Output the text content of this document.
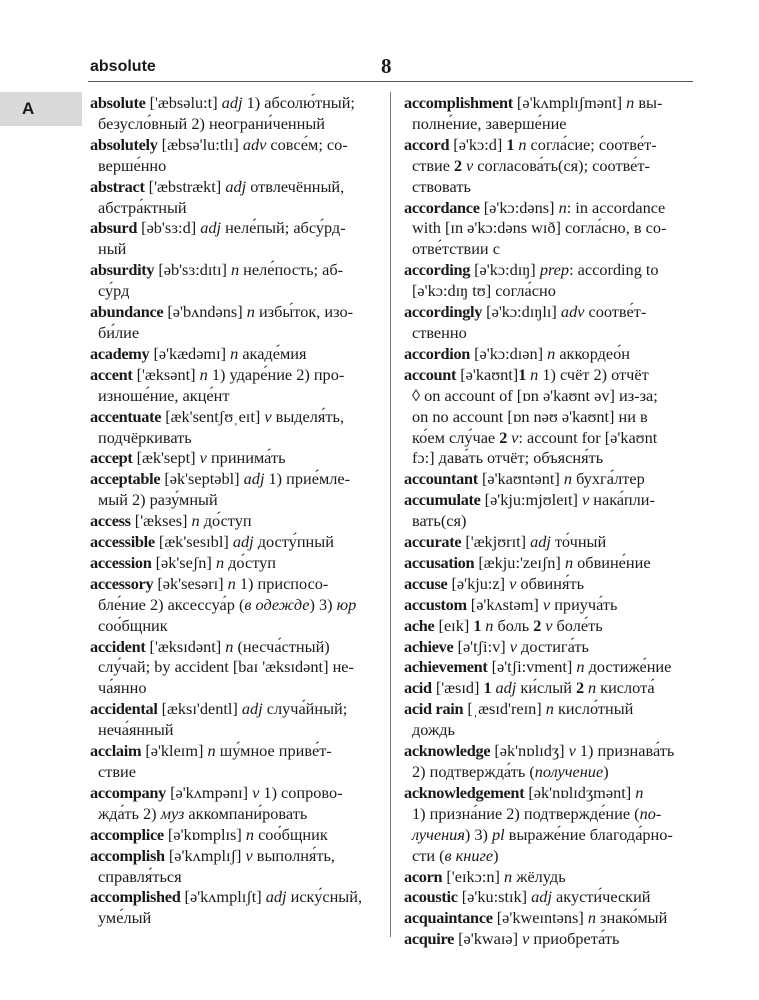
absolute	8
A	absolute ['æbsəlu:t] adj 1) абсолю́тный;
безусло́вный 2) неограни́ченный
absolutely [æbsə'lu:tlɪ] adv совсе́м; со-
верше́нно
abstract ['æbstrækt] adj отвлечённый,
абстра́ктный
absurd [əb'sɜ:d] adj неле́пый; абсу́рд-
ный
absurdity [əb'sɜ:dɪtɪ] n неле́пость; аб-
су́рд
abundance [ə'bʌndəns] n избы́ток, изо-
би́лие
academy [ə'kædəmɪ] n акаде́мия
accent ['æksənt] n 1) ударе́ние 2) про-
изноше́ние, акце́нт
accentuate [æk'sentʃʊˌeɪt] v выделя́ть,
подчёркивать
accept [æk'sept] v принима́ть
acceptable [ək'septəbl] adj 1) прие́мле-
мый 2) разу́мный
access ['ækses] n до́ступ
accessible [æk'sesɪbl] adj досту́пный
accession [ək'seʃn] n до́ступ
accessory [ək'sesərɪ] n 1) приспосо-
бле́ние 2) аксессуа́р (в одежде) 3) юр
соо́бщник
accident ['æksɪdənt] n (несча́стный)
слу́чай; by accident [baɪ 'æksɪdənt] не-
ча́янно
accidental [æksɪ'dentl] adj случа́йный;
неча́янный
acclaim [ə'kleɪm] n шу́мное приве́т-
ствие
accompany [ə'kʌmpənɪ] v 1) сопрово-
жда́ть 2) муз аккомпани́ровать
accomplice [ə'kɒmplɪs] n соо́бщник
accomplish [ə'kʌmplɪʃ] v выполня́ть,
справля́ться
accomplished [ə'kʌmplɪʃt] adj иску́сный,
уме́лый
accomplishment [ə'kʌmplɪʃmənt] n вы-
полне́ние, заверше́ние
accord [ə'kɔ:d] 1 n согла́сие; соотве́т-
ствие 2 v согласова́ть(ся); соотве́т-
ствовать
accordance [ə'kɔ:dəns] n: in accordance
with [ɪn ə'kɔ:dəns wɪð] согла́сно, в со-
отве́тствии с
according [ə'kɔ:dɪŋ] prep: according to
[ə'kɔ:dɪŋ tʊ] согла́сно
accordingly [ə'kɔ:dɪŋlɪ] adv соотве́т-
ственно
accordion [ə'kɔ:dɪən] n аккордео́н
account [ə'kaʊnt]1 n 1) счёт 2) отчёт
◊ on account of [ɒn ə'kaʊnt əv] из-за;
on no account [ɒn nəʊ ə'kaʊnt] ни в
ко́ем слу́чае 2 v: account for [ə'kaʊnt
fɔ:] дава́ть отчёт; объясня́ть
accountant [ə'kaʊntənt] n бухга́лтер
accumulate [ə'kju:mjʊleɪt] v нака́пли-
вать(ся)
accurate ['ækjʊrɪt] adj то́чный
accusation [ækju:'zeɪʃn] n обвине́ние
accuse [ə'kju:z] v обвиня́ть
accustom [ə'kʌstəm] v приуча́ть
ache [eɪk] 1 n боль 2 v боле́ть
achieve [ə'tʃi:v] v достига́ть
achievement [ə'tʃi:vment] n достиже́ние
acid ['æsɪd] 1 adj ки́слый 2 n кислота́
acid rain [ˌæsɪd'reɪn] n кисло́тный
дождь
acknowledge [ək'nɒlɪdʒ] v 1) признава́ть
2) подтвержда́ть (получение)
acknowledgement [ək'nɒlɪdʒmənt] n
1) призна́ние 2) подтвержде́ние (по-
лучения) 3) pl выраже́ние благода́рно-
сти (в книге)
acorn ['eɪkɔ:n] n жёлудь
acoustic [ə'ku:stɪk] adj акусти́ческий
acquaintance [ə'kweɪntəns] n знако́мый
acquire [ə'kwaɪə] v приобрета́ть
